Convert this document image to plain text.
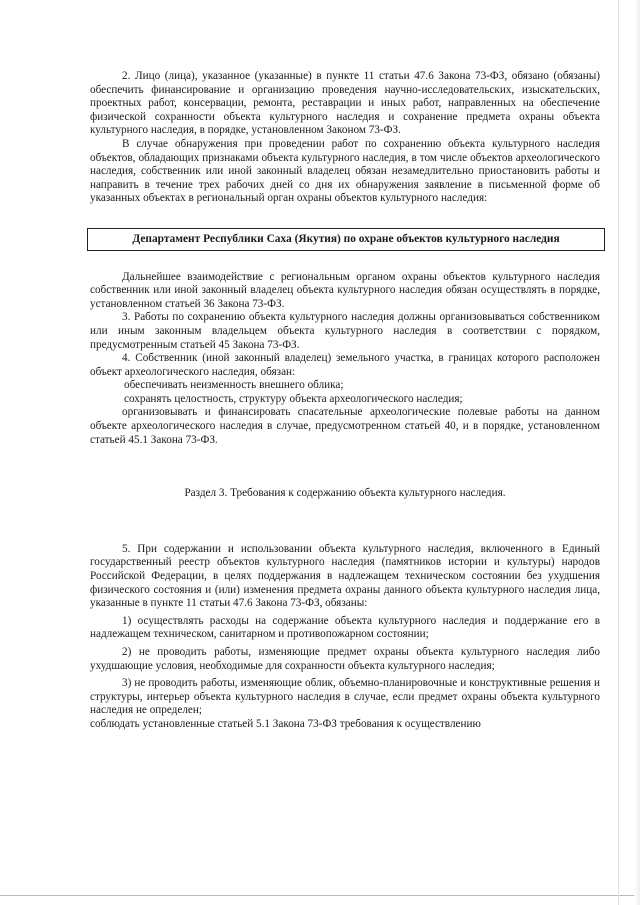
2. Лицо (лица), указанное (указанные) в пункте 11 статьи 47.6 Закона 73-ФЗ, обязано (обязаны) обеспечить финансирование и организацию проведения научно-исследовательских, изыскательских, проектных работ, консервации, ремонта, реставрации и иных работ, направленных на обеспечение физической сохранности объекта культурного наследия и сохранение предмета охраны объекта культурного наследия, в порядке, установленном Законом 73-ФЗ.

В случае обнаружения при проведении работ по сохранению объекта культурного наследия объектов, обладающих признаками объекта культурного наследия, в том числе объектов археологического наследия, собственник или иной законный владелец обязан незамедлительно приостановить работы и направить в течение трех рабочих дней со дня их обнаружения заявление в письменной форме об указанных объектах в региональный орган охраны объектов культурного наследия:

Департамент Республики Саха (Якутия) по охране объектов культурного наследия

Дальнейшее взаимодействие с региональным органом охраны объектов культурного наследия собственник или иной законный владелец объекта культурного наследия обязан осуществлять в порядке, установленном статьей 36 Закона 73-ФЗ.

3. Работы по сохранению объекта культурного наследия должны организовываться собственником или иным законным владельцем объекта культурного наследия в соответствии с порядком, предусмотренным статьей 45 Закона 73-ФЗ.

4. Собственник (иной законный владелец) земельного участка, в границах которого расположен объект археологического наследия, обязан:

обеспечивать неизменность внешнего облика;

сохранять целостность, структуру объекта археологического наследия;

организовывать и финансировать спасательные археологические полевые работы на данном объекте археологического наследия в случае, предусмотренном статьей 40, и в порядке, установленном статьей 45.1 Закона 73-ФЗ.

Раздел 3. Требования к содержанию объекта культурного наследия.

5. При содержании и использовании объекта культурного наследия, включенного в Единый государственный реестр объектов культурного наследия (памятников истории и культуры) народов Российской Федерации, в целях поддержания в надлежащем техническом состоянии без ухудшения физического состояния и (или) изменения предмета охраны данного объекта культурного наследия лица, указанные в пункте 11 статьи 47.6 Закона 73-ФЗ, обязаны:

1) осуществлять расходы на содержание объекта культурного наследия и поддержание его в надлежащем техническом, санитарном и противопожарном состоянии;

2) не проводить работы, изменяющие предмет охраны объекта культурного наследия либо ухудшающие условия, необходимые для сохранности объекта культурного наследия;

3) не проводить работы, изменяющие облик, объемно-планировочные и конструктивные решения и структуры, интерьер объекта культурного наследия в случае, если предмет охраны объекта культурного наследия не определен;

соблюдать установленные статьей 5.1 Закона 73-ФЗ требования к осуществлению
